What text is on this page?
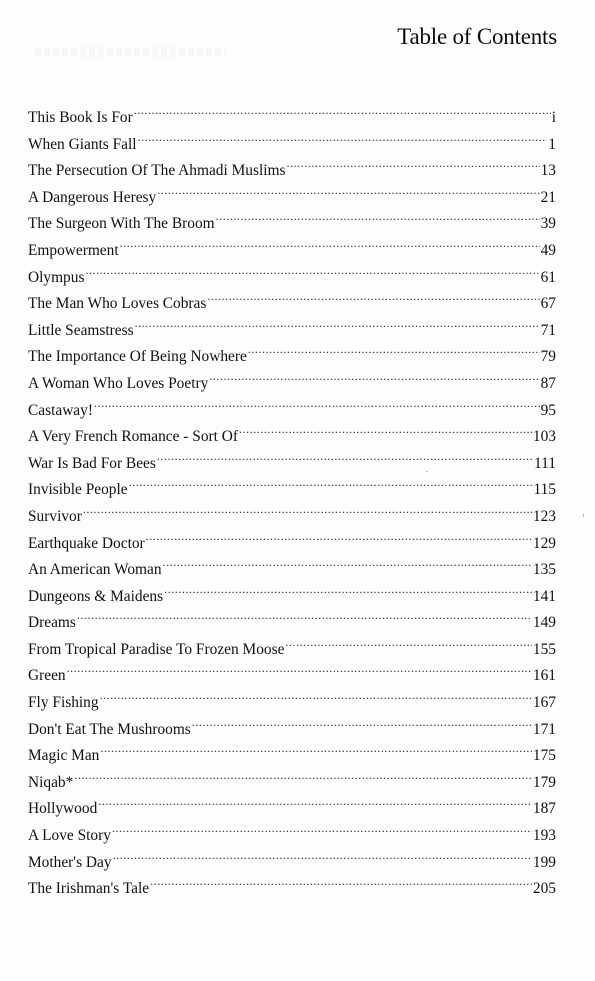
Table of Contents
This Book Is For .....	i
When Giants Fall .....	1
The Persecution Of The Ahmadi Muslims .....	13
A Dangerous Heresy .....	21
The Surgeon With The Broom .....	39
Empowerment .....	49
Olympus .....	61
The Man Who Loves Cobras .....	67
Little Seamstress .....	71
The Importance Of Being Nowhere .....	79
A Woman Who Loves Poetry .....	87
Castaway! .....	95
A Very French Romance - Sort Of .....	103
War Is Bad For Bees .....	111
Invisible People .....	115
Survivor .....	123
Earthquake Doctor .....	129
An American Woman .....	135
Dungeons & Maidens .....	141
Dreams .....	149
From Tropical Paradise To Frozen Moose .....	155
Green .....	161
Fly Fishing .....	167
Don't Eat The Mushrooms .....	171
Magic Man .....	175
Niqab* .....	179
Hollywood .....	187
A Love Story .....	193
Mother's Day .....	199
The Irishman's Tale .....	205
